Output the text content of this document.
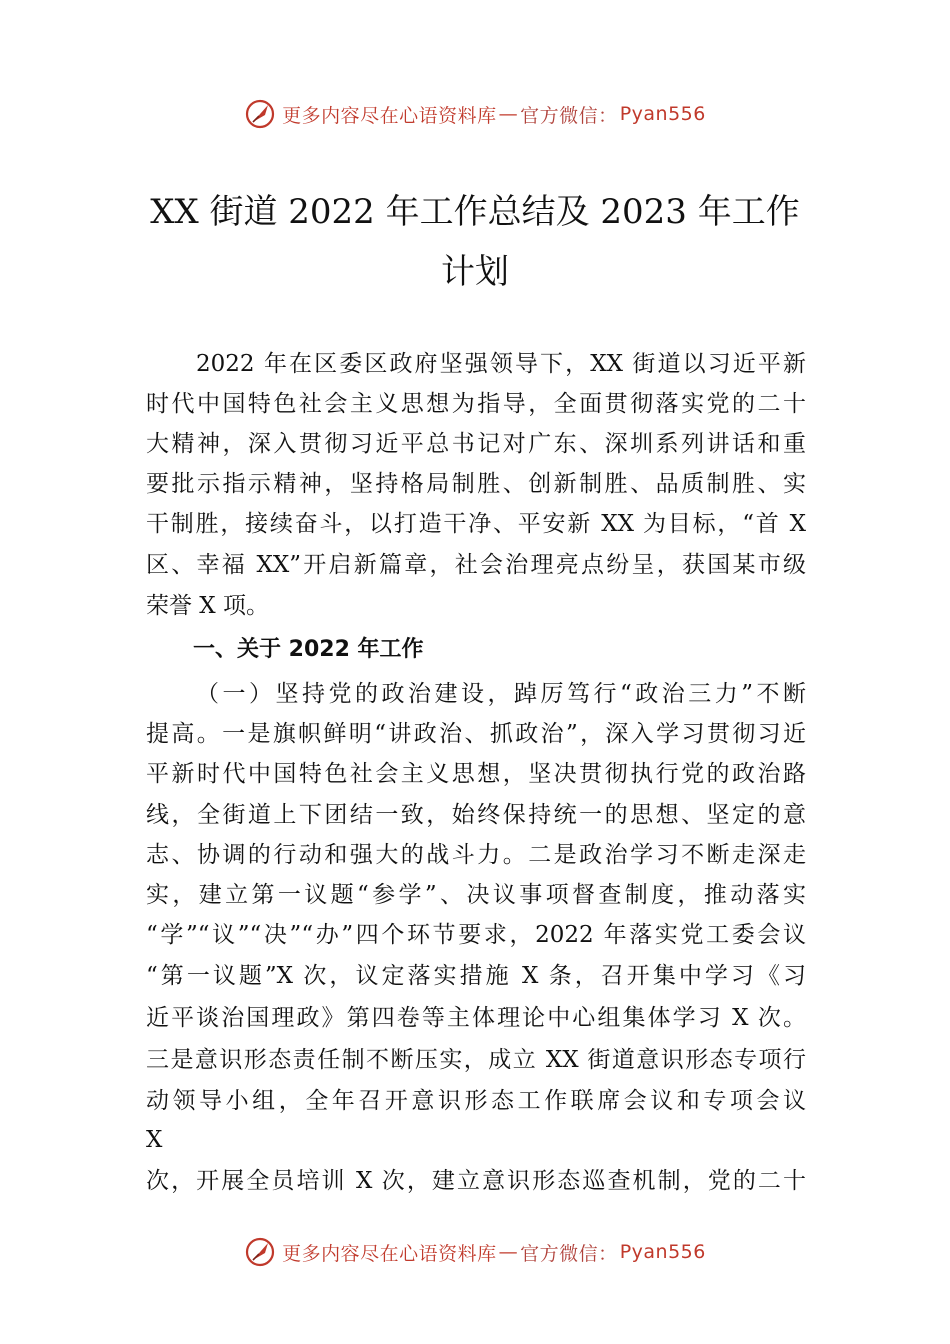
更多内容尽在心语资料库 — 官方微信： Pyan556
XX 街道 2022 年工作总结及 2023 年工作
计划
2022 年在区委区政府坚强领导下，XX 街道以习近平新
时代中国特色社会主义思想为指导，全面贯彻落实党的二十
大精神，深入贯彻习近平总书记对广东、深圳系列讲话和重
要批示指示精神，坚持格局制胜、创新制胜、品质制胜、实
干制胜，接续奋斗，以打造干净、平安新 XX 为目标，“首 X
区、幸福 XX”开启新篇章，社会治理亮点纷呈，获国某市级
荣誉 X 项。
一、关于 2022 年工作
（一）坚持党的政治建设，踔厉笃行“政治三力”不断
提高。一是旗帜鲜明“讲政治、抓政治”，深入学习贯彻习近
平新时代中国特色社会主义思想，坚决贯彻执行党的政治路
线，全街道上下团结一致，始终保持统一的思想、坚定的意
志、协调的行动和强大的战斗力。二是政治学习不断走深走
实，建立第一议题“参学”、决议事项督查制度，推动落实
“学”“议”“决”“办”四个环节要求，2022 年落实党工委会议
“第一议题”X 次，议定落实措施 X 条，召开集中学习《习
近平谈治国理政》第四卷等主体理论中心组集体学习 X 次。
三是意识形态责任制不断压实，成立 XX 街道意识形态专项行
动领导小组，全年召开意识形态工作联席会议和专项会议
X
次，开展全员培训 X 次，建立意识形态巡查机制，党的二十
更多内容尽在心语资料库 — 官方微信： Pyan556
